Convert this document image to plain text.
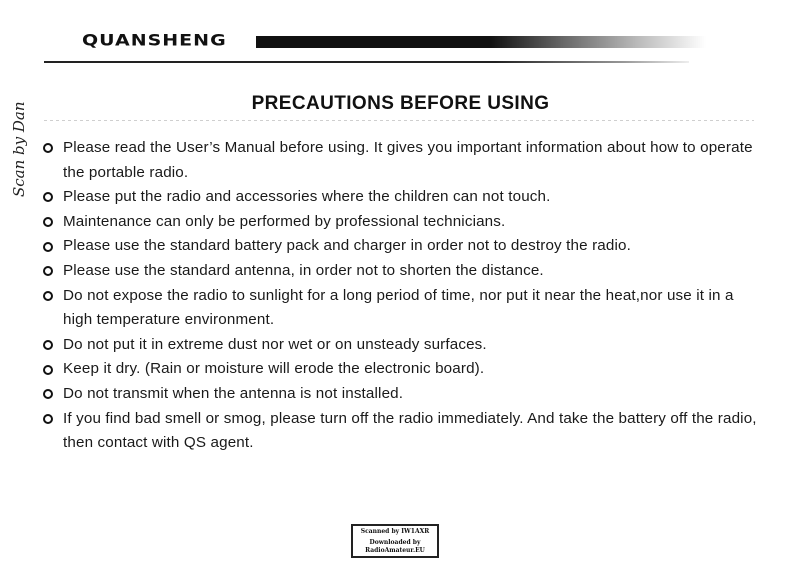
QUANSHENG
Scan by Dan	PRECAUTIONS BEFORE USING
Please read the User’s Manual before using. It gives you important information about how to operate the portable radio.
Please put the radio and accessories where the children can not touch.
Maintenance can only be performed by professional technicians.
Please use the standard battery pack and charger in order not to destroy the radio.
Please use the standard antenna, in order not to shorten the distance.
Do not expose the radio to sunlight for a long period of time, nor put it near the heat,nor use it in a high temperature environment.
Do not put it in extreme dust nor wet or on unsteady surfaces.
Keep it dry. (Rain or moisture will erode the electronic board).
Do not transmit when the antenna is not installed.
If you find bad smell or smog, please turn off the radio immediately. And take the battery off the radio, then contact with QS agent.
Scanned by IW1AXR
Downloaded by
RadioAmateur.EU
